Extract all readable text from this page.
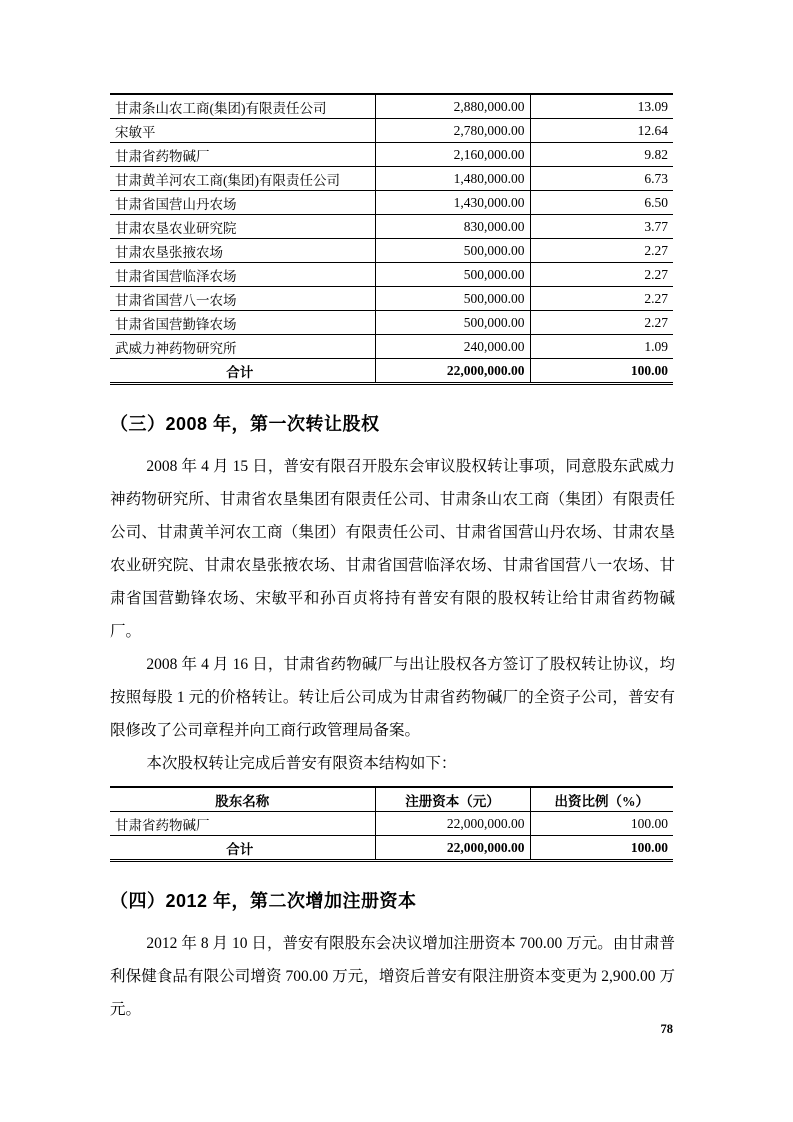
甘肃条山农工商(集团)有限责任公司	2,880,000.00	13.09
宋敏平	2,780,000.00	12.64
甘肃省药物碱厂	2,160,000.00	9.82
甘肃黄羊河农工商(集团)有限责任公司	1,480,000.00	6.73
甘肃省国营山丹农场	1,430,000.00	6.50
甘肃农垦农业研究院	830,000.00	3.77
甘肃农垦张掖农场	500,000.00	2.27
甘肃省国营临泽农场	500,000.00	2.27
甘肃省国营八一农场	500,000.00	2.27
甘肃省国营勤锋农场	500,000.00	2.27
武威力神药物研究所	240,000.00	1.09
合计	22,000,000.00	100.00
（三）2008 年，第一次转让股权

2008 年 4 月 15 日，普安有限召开股东会审议股权转让事项，同意股东武威力神药物研究所、甘肃省农垦集团有限责任公司、甘肃条山农工商（集团）有限责任公司、甘肃黄羊河农工商（集团）有限责任公司、甘肃省国营山丹农场、甘肃农垦农业研究院、甘肃农垦张掖农场、甘肃省国营临泽农场、甘肃省国营八一农场、甘肃省国营勤锋农场、宋敏平和孙百贞将持有普安有限的股权转让给甘肃省药物碱厂。

2008 年 4 月 16 日，甘肃省药物碱厂与出让股权各方签订了股权转让协议，均按照每股 1 元的价格转让。转让后公司成为甘肃省药物碱厂的全资子公司，普安有限修改了公司章程并向工商行政管理局备案。

本次股权转让完成后普安有限资本结构如下：

股东名称	注册资本（元）	出资比例（%）
甘肃省药物碱厂	22,000,000.00	100.00
合计	22,000,000.00	100.00
（四）2012 年，第二次增加注册资本

2012 年 8 月 10 日，普安有限股东会决议增加注册资本 700.00 万元。由甘肃普利保健食品有限公司增资 700.00 万元，增资后普安有限注册资本变更为 2,900.00 万元。

78
